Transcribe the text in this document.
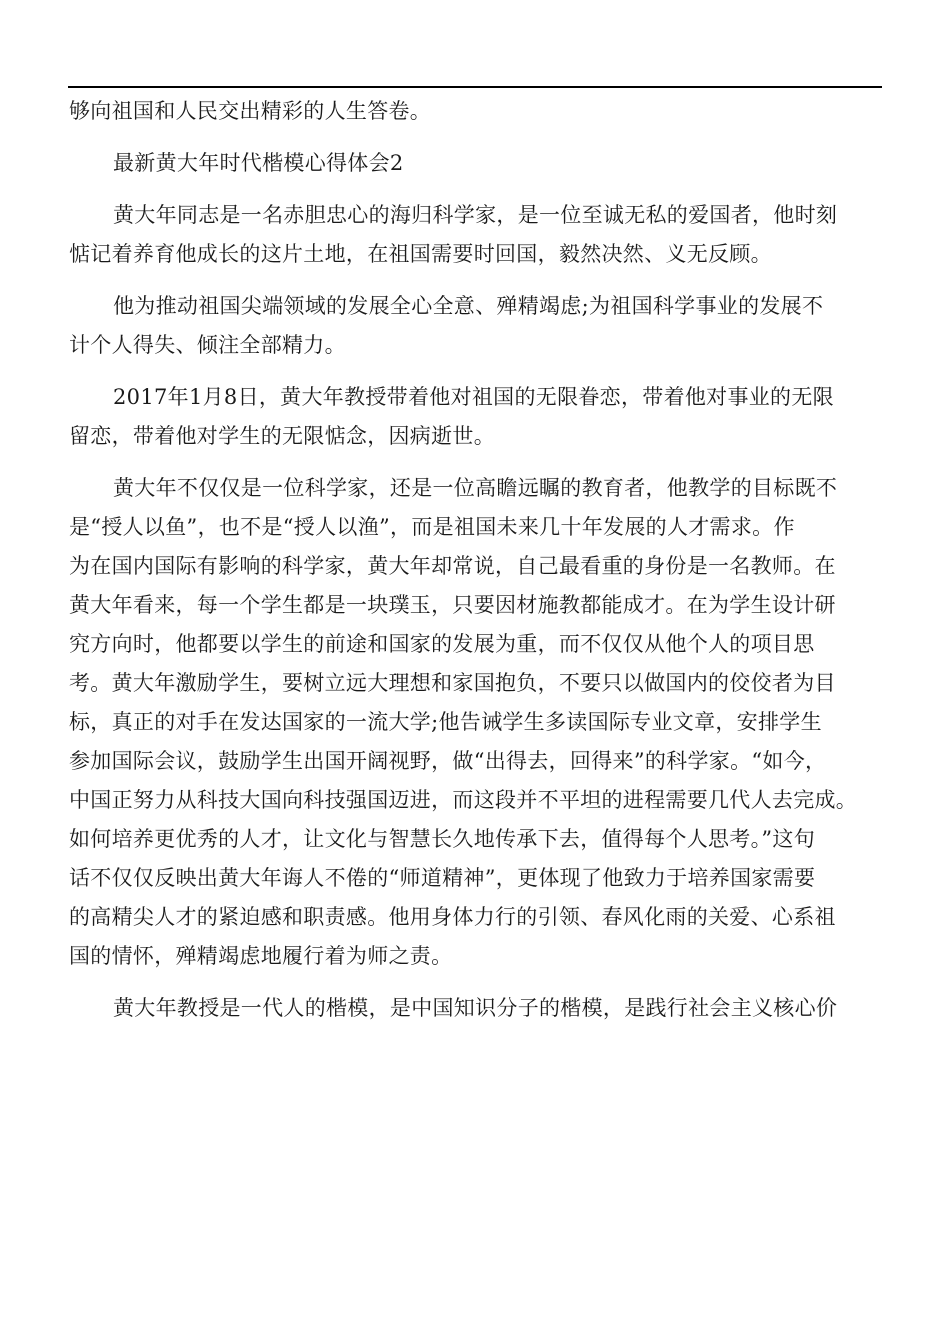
够向祖国和人民交出精彩的人生答卷。
最新黄大年时代楷模心得体会2
黄大年同志是一名赤胆忠心的海归科学家，是一位至诚无私的爱国者，他时刻
惦记着养育他成长的这片土地，在祖国需要时回国，毅然决然、义无反顾。
他为推动祖国尖端领域的发展全心全意、殚精竭虑;为祖国科学事业的发展不
计个人得失、倾注全部精力。
2017年1月8日，黄大年教授带着他对祖国的无限眷恋，带着他对事业的无限
留恋，带着他对学生的无限惦念，因病逝世。
黄大年不仅仅是一位科学家，还是一位高瞻远瞩的教育者，他教学的目标既不
是“授人以鱼”，也不是“授人以渔”，而是祖国未来几十年发展的人才需求。作
为在国内国际有影响的科学家，黄大年却常说，自己最看重的身份是一名教师。在
黄大年看来，每一个学生都是一块璞玉，只要因材施教都能成才。在为学生设计研
究方向时，他都要以学生的前途和国家的发展为重，而不仅仅从他个人的项目思
考。黄大年激励学生，要树立远大理想和家国抱负，不要只以做国内的佼佼者为目
标，真正的对手在发达国家的一流大学;他告诫学生多读国际专业文章，安排学生
参加国际会议，鼓励学生出国开阔视野，做“出得去，回得来”的科学家。“如今，
中国正努力从科技大国向科技强国迈进，而这段并不平坦的进程需要几代人去完成。
如何培养更优秀的人才，让文化与智慧长久地传承下去，值得每个人思考。”这句
话不仅仅反映出黄大年诲人不倦的“师道精神”，更体现了他致力于培养国家需要
的高精尖人才的紧迫感和职责感。他用身体力行的引领、春风化雨的关爱、心系祖
国的情怀，殚精竭虑地履行着为师之责。
黄大年教授是一代人的楷模，是中国知识分子的楷模，是践行社会主义核心价
